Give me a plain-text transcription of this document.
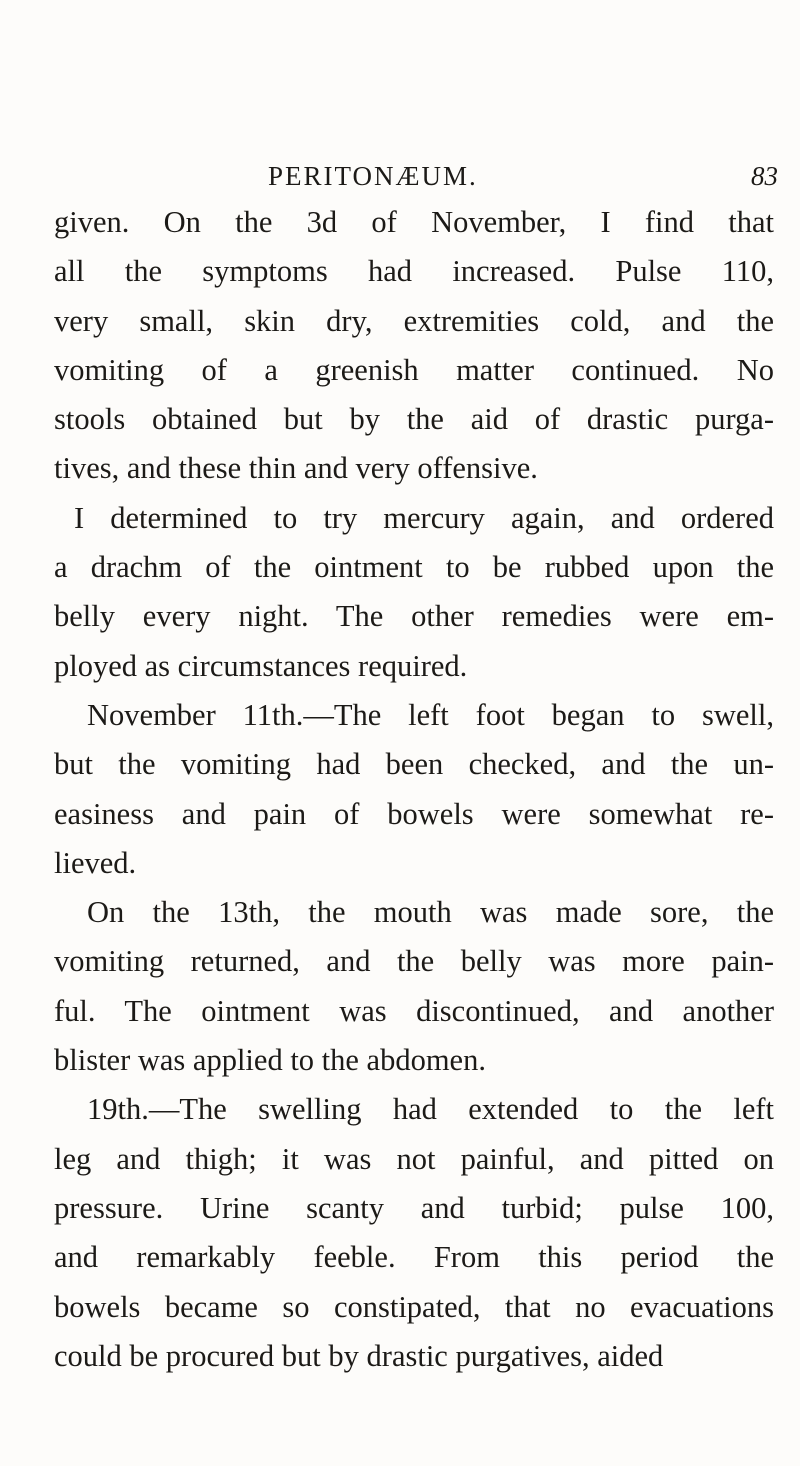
PERITONÆUM.	83
given. On the 3d of November, I find that
all the symptoms had increased. Pulse 110,
very small, skin dry, extremities cold, and the
vomiting of a greenish matter continued. No
stools obtained but by the aid of drastic purga-
tives, and these thin and very offensive.
I determined to try mercury again, and ordered
a drachm of the ointment to be rubbed upon the
belly every night. The other remedies were em-
ployed as circumstances required.
November 11th.—The left foot began to swell,
but the vomiting had been checked, and the un-
easiness and pain of bowels were somewhat re-
lieved.
On the 13th, the mouth was made sore, the
vomiting returned, and the belly was more pain-
ful. The ointment was discontinued, and another
blister was applied to the abdomen.
19th.—The swelling had extended to the left
leg and thigh; it was not painful, and pitted on
pressure. Urine scanty and turbid; pulse 100,
and remarkably feeble. From this period the
bowels became so constipated, that no evacuations
could be procured but by drastic purgatives, aided
